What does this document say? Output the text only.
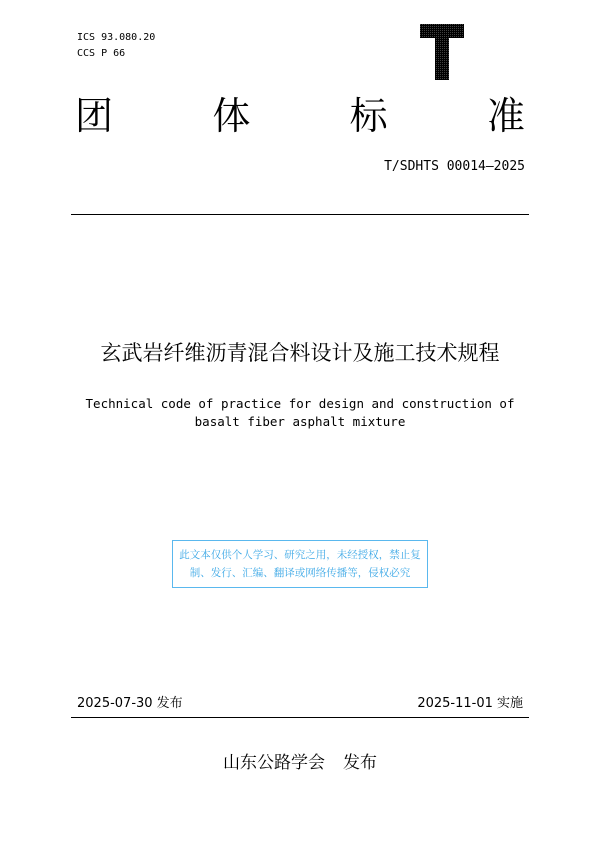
ICS 93.080.20
CCS P 66
团	体	标	准
T/SDHTS 00014—2025
玄武岩纤维沥青混合料设计及施工技术规程
Technical code of practice for design and construction of
basalt fiber asphalt mixture
此文本仅供个人学习、研究之用，未经授权，禁止复
制、发行、汇编、翻译或网络传播等，侵权必究
2025-07-30 发布	2025-11-01 实施
山东公路学会 发布
